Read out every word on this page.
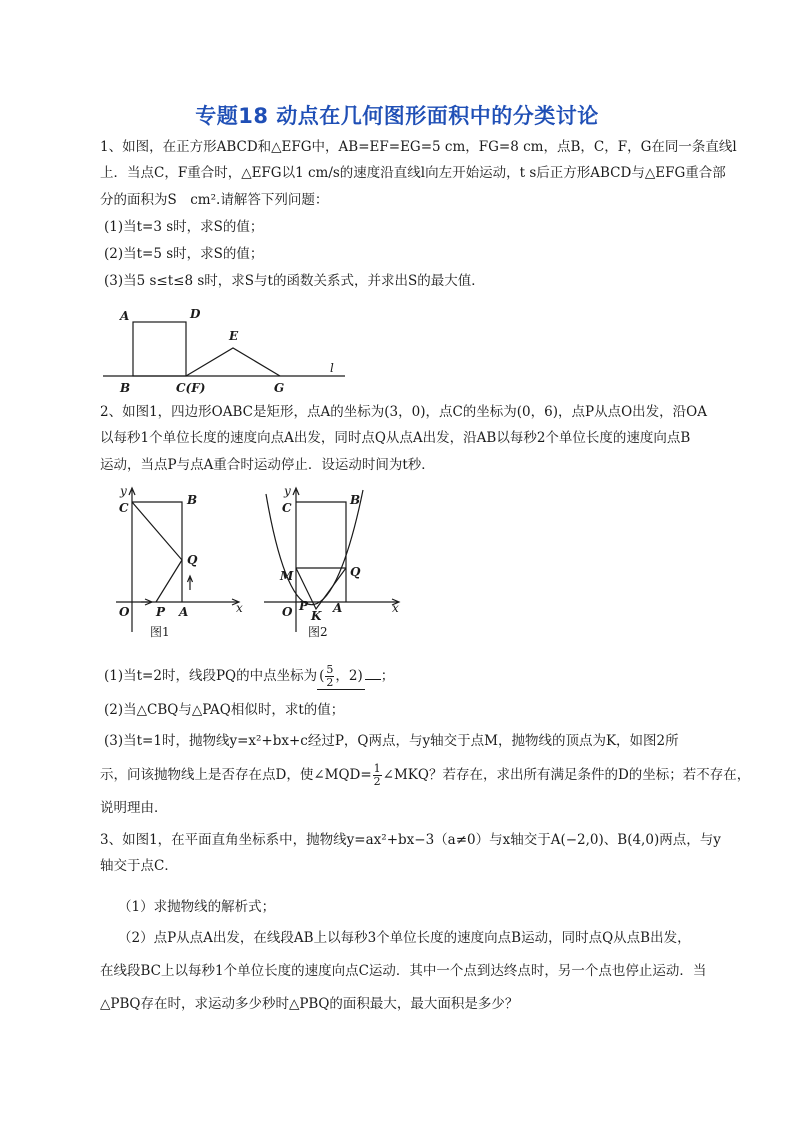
专题18 动点在几何图形面积中的分类讨论
1、如图，在正方形ABCD和△EFG中，AB=EF=EG=5 cm，FG=8 cm，点B，C，F，G在同一条直线l
上．当点C，F重合时，△EFG以1 cm/s的速度沿直线l向左开始运动，t s后正方形ABCD与△EFG重合部
分的面积为S　cm².请解答下列问题：
(1)当t=3 s时，求S的值；
(2)当t=5 s时，求S的值；
(3)当5 s≤t≤8 s时，求S与t的函数关系式，并求出S的最大值．
A	D
E
B	C(F)	G
l
2、如图1，四边形OABC是矩形，点A的坐标为(3，0)，点C的坐标为(0，6)，点P从点O出发，沿OA
以每秒1个单位长度的速度向点A出发，同时点Q从点A出发，沿AB以每秒2个单位长度的速度向点B
运动，当点P与点A重合时运动停止．设运动时间为t秒．
y
C
B
Q
O P A	x
图1
y
C
B
M	Q
O P
K
A	x
图2
(1)当t=2时，线段PQ的中点坐标为 ( $\frac{5}{2}$ ，2) ；
(2)当△CBQ与△PAQ相似时，求t的值；
(3)当t=1时，抛物线y=x²+bx+c经过P，Q两点，与y轴交于点M，抛物线的顶点为K，如图2所
示，问该抛物线上是否存在点D，使∠MQD= $\frac{1}{2}$ ∠MKQ？若存在，求出所有满足条件的D的坐标；若不存在，
说明理由．
3、如图1，在平面直角坐标系中，抛物线y=ax²+bx−3（a≠0）与x轴交于A(−2,0)、B(4,0)两点，与y
轴交于点C．
（1）求抛物线的解析式；
（2）点P从点A出发，在线段AB上以每秒3个单位长度的速度向点B运动，同时点Q从点B出发，
在线段BC上以每秒1个单位长度的速度向点C运动．其中一个点到达终点时，另一个点也停止运动．当
△PBQ存在时，求运动多少秒时△PBQ的面积最大，最大面积是多少？
